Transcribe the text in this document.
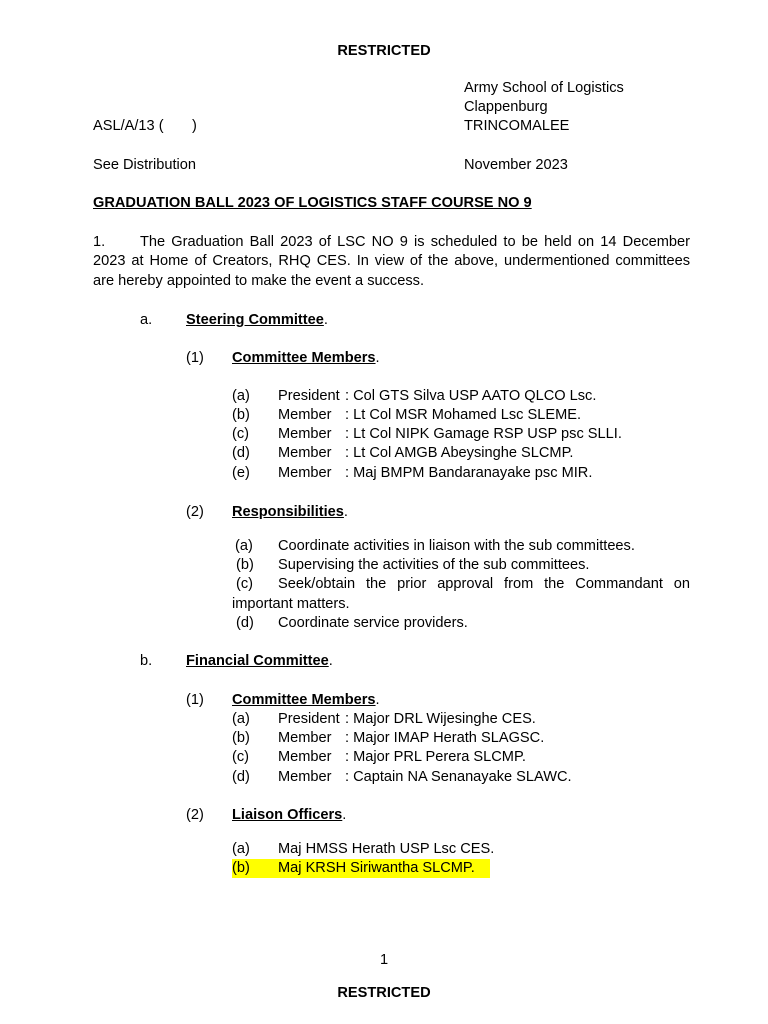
RESTRICTED
Army School of Logistics
Clappenburg
TRINCOMALEE
ASL/A/13 (       )
See Distribution	November 2023
GRADUATION BALL 2023 OF LOGISTICS STAFF COURSE NO 9
1. The Graduation Ball 2023 of LSC NO 9 is scheduled to be held on 14 December
2023 at Home of Creators, RHQ CES. In view of the above, undermentioned committees are hereby appointed to make the event a success.
a. Steering Committee.
(1) Committee Members.
(a) President : Col GTS Silva USP AATO QLCO Lsc.
(b) Member : Lt Col MSR Mohamed Lsc SLEME.
(c) Member : Lt Col NIPK Gamage RSP USP psc SLLI.
(d) Member : Lt Col AMGB Abeysinghe SLCMP.
(e) Member : Maj BMPM Bandaranayake psc MIR.
(2) Responsibilities.
(a) Coordinate activities in liaison with the sub committees.
(b) Supervising the activities of the sub committees.
(c) Seek/obtain the prior approval from the Commandant on
important matters.
(d) Coordinate service providers.
b. Financial Committee.
(1) Committee Members.
(a) President : Major DRL Wijesinghe CES.
(b) Member : Major IMAP Herath SLAGSC.
(c) Member : Major PRL Perera SLCMP.
(d) Member : Captain NA Senanayake SLAWC.
(2) Liaison Officers.
(a) Maj HMSS Herath USP Lsc CES.
(b) Maj KRSH Siriwantha SLCMP.
1
RESTRICTED
